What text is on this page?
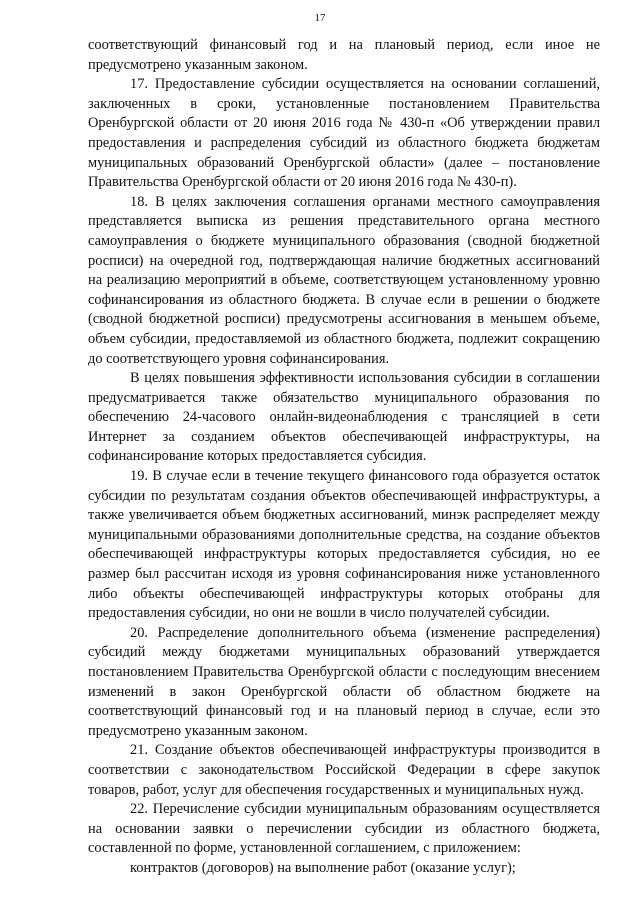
17

соответствующий финансовый год и на плановый период, если иное не предусмотрено указанным законом.

17. Предоставление субсидии осуществляется на основании соглашений, заключенных в сроки, установленные постановлением Правительства Оренбургской области от 20 июня 2016 года № 430-п «Об утверждении правил предоставления и распределения субсидий из областного бюджета бюджетам муниципальных образований Оренбургской области» (далее – постановление Правительства Оренбургской области от 20 июня 2016 года № 430-п).

18. В целях заключения соглашения органами местного самоуправления представляется выписка из решения представительного органа местного самоуправления о бюджете муниципального образования (сводной бюджетной росписи) на очередной год, подтверждающая наличие бюджетных ассигнований на реализацию мероприятий в объеме, соответствующем установленному уровню софинансирования из областного бюджета. В случае если в решении о бюджете (сводной бюджетной росписи) предусмотрены ассигнования в меньшем объеме, объем субсидии, предоставляемой из областного бюджета, подлежит сокращению до соответствующего уровня софинансирования.

В целях повышения эффективности использования субсидии в соглашении предусматривается также обязательство муниципального образования по обеспечению 24-часового онлайн-видеонаблюдения с трансляцией в сети Интернет за созданием объектов обеспечивающей инфраструктуры, на софинансирование которых предоставляется субсидия.

19. В случае если в течение текущего финансового года образуется остаток субсидии по результатам создания объектов обеспечивающей инфраструктуры, а также увеличивается объем бюджетных ассигнований, минэк распределяет между муниципальными образованиями дополнительные средства, на создание объектов обеспечивающей инфраструктуры которых предоставляется субсидия, но ее размер был рассчитан исходя из уровня софинансирования ниже установленного либо объекты обеспечивающей инфраструктуры которых отобраны для предоставления субсидии, но они не вошли в число получателей субсидии.

20. Распределение дополнительного объема (изменение распределения) субсидий между бюджетами муниципальных образований утверждается постановлением Правительства Оренбургской области с последующим внесением изменений в закон Оренбургской области об областном бюджете на соответствующий финансовый год и на плановый период в случае, если это предусмотрено указанным законом.

21. Создание объектов обеспечивающей инфраструктуры производится в соответствии с законодательством Российской Федерации в сфере закупок товаров, работ, услуг для обеспечения государственных и муниципальных нужд.

22. Перечисление субсидии муниципальным образованиям осуществляется на основании заявки о перечислении субсидии из областного бюджета, составленной по форме, установленной соглашением, с приложением:

контрактов (договоров) на выполнение работ (оказание услуг);
